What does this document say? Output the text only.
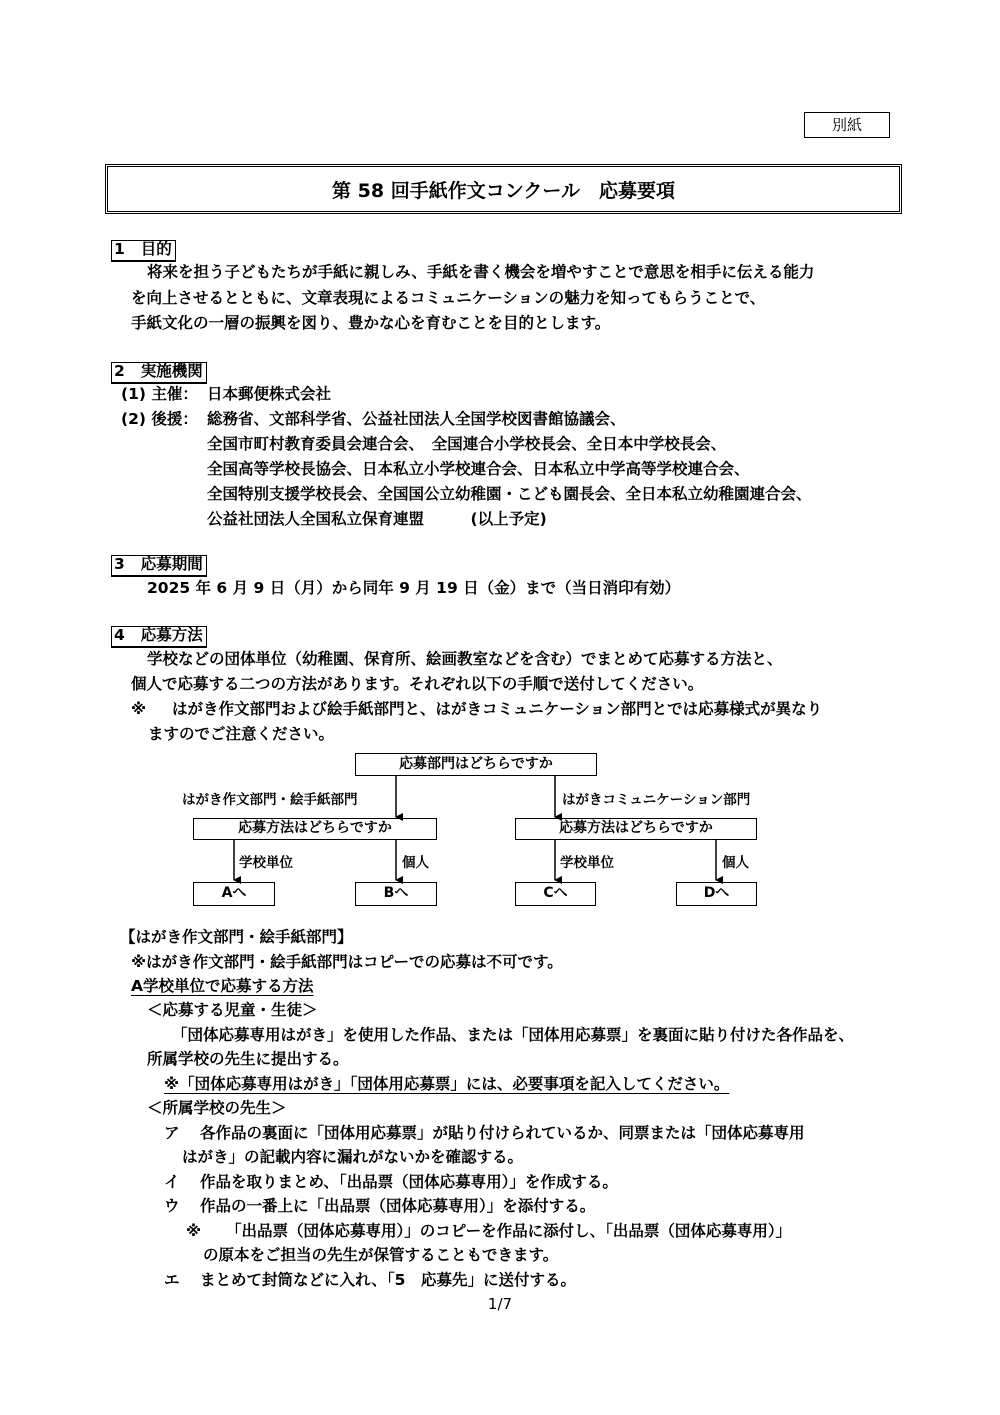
別紙
第 58 回手紙作文コンクール　応募要項
1 目的
将来を担う子どもたちが手紙に親しみ、手紙を書く機会を増やすことで意思を相手に伝える能力
を向上させるとともに、文章表現によるコミュニケーションの魅力を知ってもらうことで、
手紙文化の一層の振興を図り、豊かな心を育むことを目的とします。
2 実施機関
(1) 主催： 日本郵便株式会社
(2) 後援： 総務省、文部科学省、公益社団法人全国学校図書館協議会、
全国市町村教育委員会連合会、　全国連合小学校長会、全日本中学校長会、
全国高等学校長協会、日本私立小学校連合会、日本私立中学高等学校連合会、
全国特別支援学校長会、全国国公立幼稚園・こども園長会、全日本私立幼稚園連合会、
公益社団法人全国私立保育連盟　　　(以上予定)
3 応募期間
2025 年 6 月 9 日（月）から同年 9 月 19 日（金）まで（当日消印有効）
4 応募方法
学校などの団体単位（幼稚園、保育所、絵画教室などを含む）でまとめて応募する方法と、
個人で応募する二つの方法があります。それぞれ以下の手順で送付してください。
※ はがき作文部門および絵手紙部門と、はがきコミュニケーション部門とでは応募様式が異なり
ますのでご注意ください。
応募部門はどちらですか
はがき作文部門・絵手紙部門	はがきコミュニケーション部門
応募方法はどちらですか	応募方法はどちらですか
学校単位	個人	学校単位	個人
Aへ	Bへ	Cへ	Dへ
【はがき作文部門・絵手紙部門】
※はがき作文部門・絵手紙部門はコピーでの応募は不可です。
A学校単位で応募する方法
＜応募する児童・生徒＞
「団体応募専用はがき」を使用した作品、または「団体用応募票」を裏面に貼り付けた各作品を、
所属学校の先生に提出する。
※「団体応募専用はがき」「団体用応募票」には、必要事項を記入してください。
＜所属学校の先生＞
ア 各作品の裏面に「団体用応募票」が貼り付けられているか、同票または「団体応募専用
はがき」の記載内容に漏れがないかを確認する。
イ 作品を取りまとめ、「出品票（団体応募専用）」を作成する。
ウ 作品の一番上に「出品票（団体応募専用）」を添付する。
※ 「出品票（団体応募専用）」のコピーを作品に添付し、「出品票（団体応募専用）」
の原本をご担当の先生が保管することもできます。
エ まとめて封筒などに入れ、「5　応募先」に送付する。
1/7
